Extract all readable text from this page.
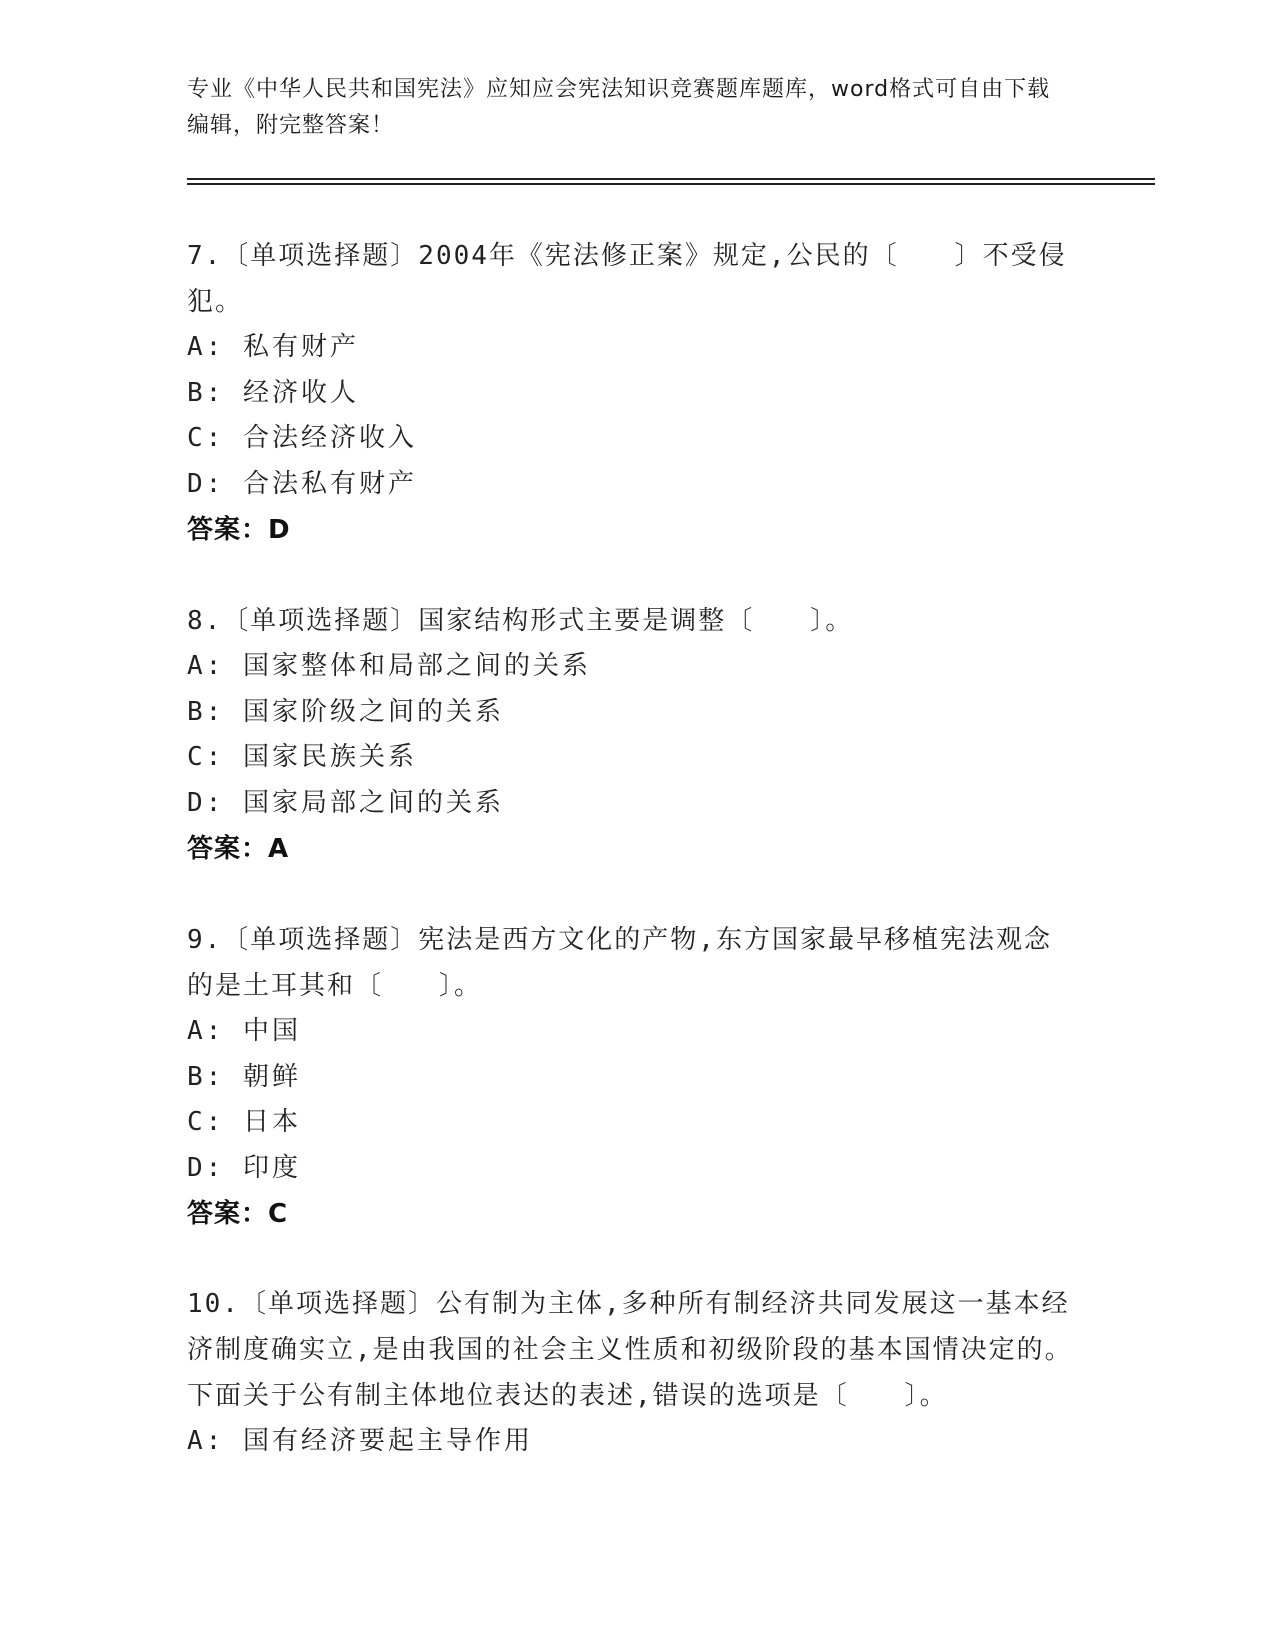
专业《中华人民共和国宪法》应知应会宪法知识竞赛题库题库，word格式可自由下载编辑，附完整答案！

7.〔单项选择题〕2004年《宪法修正案》规定,公民的〔　　〕不受侵犯。

A: 私有财产

B: 经济收人

C: 合法经济收入

D: 合法私有财产

答案：D

8.〔单项选择题〕国家结构形式主要是调整〔　　〕。

A: 国家整体和局部之间的关系

B: 国家阶级之间的关系

C: 国家民族关系

D: 国家局部之间的关系

答案：A

9.〔单项选择题〕宪法是西方文化的产物,东方国家最早移植宪法观念的是土耳其和〔　　〕。

A: 中国

B: 朝鲜

C: 日本

D: 印度

答案：C

10.〔单项选择题〕公有制为主体,多种所有制经济共同发展这一基本经济制度确实立,是由我国的社会主义性质和初级阶段的基本国情决定的。下面关于公有制主体地位表达的表述,错误的选项是〔　　〕。

A: 国有经济要起主导作用
